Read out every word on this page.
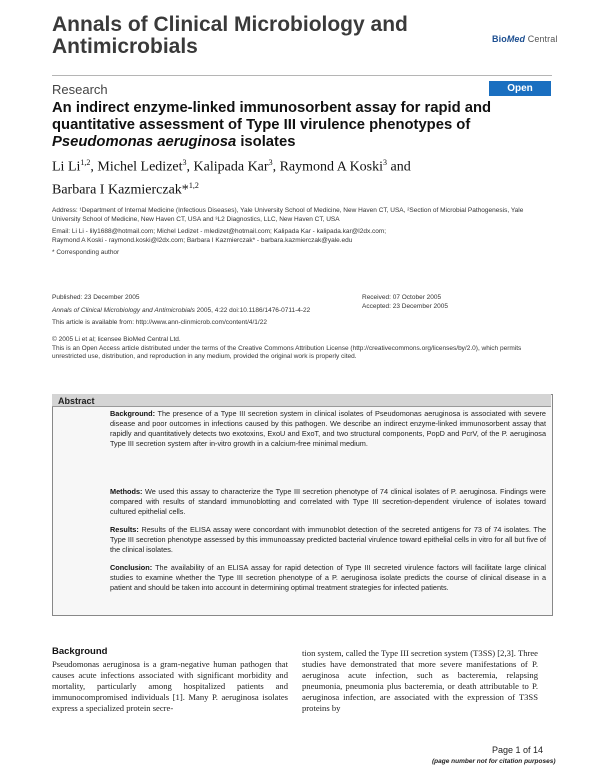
Annals of Clinical Microbiology and Antimicrobials	BioMed Central
Research	Open Access
An indirect enzyme-linked immunosorbent assay for rapid and quantitative assessment of Type III virulence phenotypes of Pseudomonas aeruginosa isolates
Li Li$^{1,2}$, Michel Ledizet$^3$, Kalipada Kar$^3$, Raymond A Koski$^3$ and
Barbara I Kazmierczak*$^{1,2}$
Address: ¹Department of Internal Medicine (Infectious Diseases), Yale University School of Medicine, New Haven CT, USA, ²Section of Microbial Pathogenesis, Yale University School of Medicine, New Haven CT, USA and ³L2 Diagnostics, LLC, New Haven CT, USA
Email: Li Li - lily1688@hotmail.com; Michel Ledizet - mledizet@hotmail.com; Kalipada Kar - kalipada.kar@l2dx.com;
Raymond A Koski - raymond.koski@l2dx.com; Barbara I Kazmierczak* - barbara.kazmierczak@yale.edu
* Corresponding author
Published: 23 December 2005
Annals of Clinical Microbiology and Antimicrobials 2005, 4:22 doi:10.1186/1476-0711-4-22
This article is available from: http://www.ann-clinmicrob.com/content/4/1/22
Received: 07 October 2005
Accepted: 23 December 2005
© 2005 Li et al; licensee BioMed Central Ltd.
This is an Open Access article distributed under the terms of the Creative Commons Attribution License (http://creativecommons.org/licenses/by/2.0), which permits unrestricted use, distribution, and reproduction in any medium, provided the original work is properly cited.
Abstract
Background: The presence of a Type III secretion system in clinical isolates of Pseudomonas aeruginosa is associated with severe disease and poor outcomes in infections caused by this pathogen. We describe an indirect enzyme-linked immunosorbent assay that rapidly and quantitatively detects two exotoxins, ExoU and ExoT, and two structural components, PopD and PcrV, of the P. aeruginosa Type III secretion system after in-vitro growth in a calcium-free minimal medium.
Methods: We used this assay to characterize the Type III secretion phenotype of 74 clinical isolates of P. aeruginosa. Findings were compared with results of standard immunoblotting and correlated with Type III secretion-dependent virulence of isolates toward cultured epithelial cells.
Results: Results of the ELISA assay were concordant with immunoblot detection of the secreted antigens for 73 of 74 isolates. The Type III secretion phenotype assessed by this immunoassay predicted bacterial virulence toward epithelial cells in vitro for all but five of the clinical isolates.
Conclusion: The availability of an ELISA assay for rapid detection of Type III secreted virulence factors will facilitate large clinical studies to examine whether the Type III secretion phenotype of a P. aeruginosa isolate predicts the course of clinical disease in a patient and should be taken into account in determining optimal treatment strategies for infected patients.
Background
Pseudomonas aeruginosa is a gram-negative human pathogen that causes acute infections associated with significant morbidity and mortality, particularly among hospitalized patients and immunocompromised individuals [1]. Many P. aeruginosa isolates express a specialized protein secre-
tion system, called the Type III secretion system (T3SS) [2,3]. Three studies have demonstrated that more severe manifestations of P. aeruginosa acute infection, such as bacteremia, relapsing pneumonia, pneumonia plus bacteremia, or death attributable to P. aeruginosa infection, are associated with the expression of T3SS proteins by
Page 1 of 14
(page number not for citation purposes)
